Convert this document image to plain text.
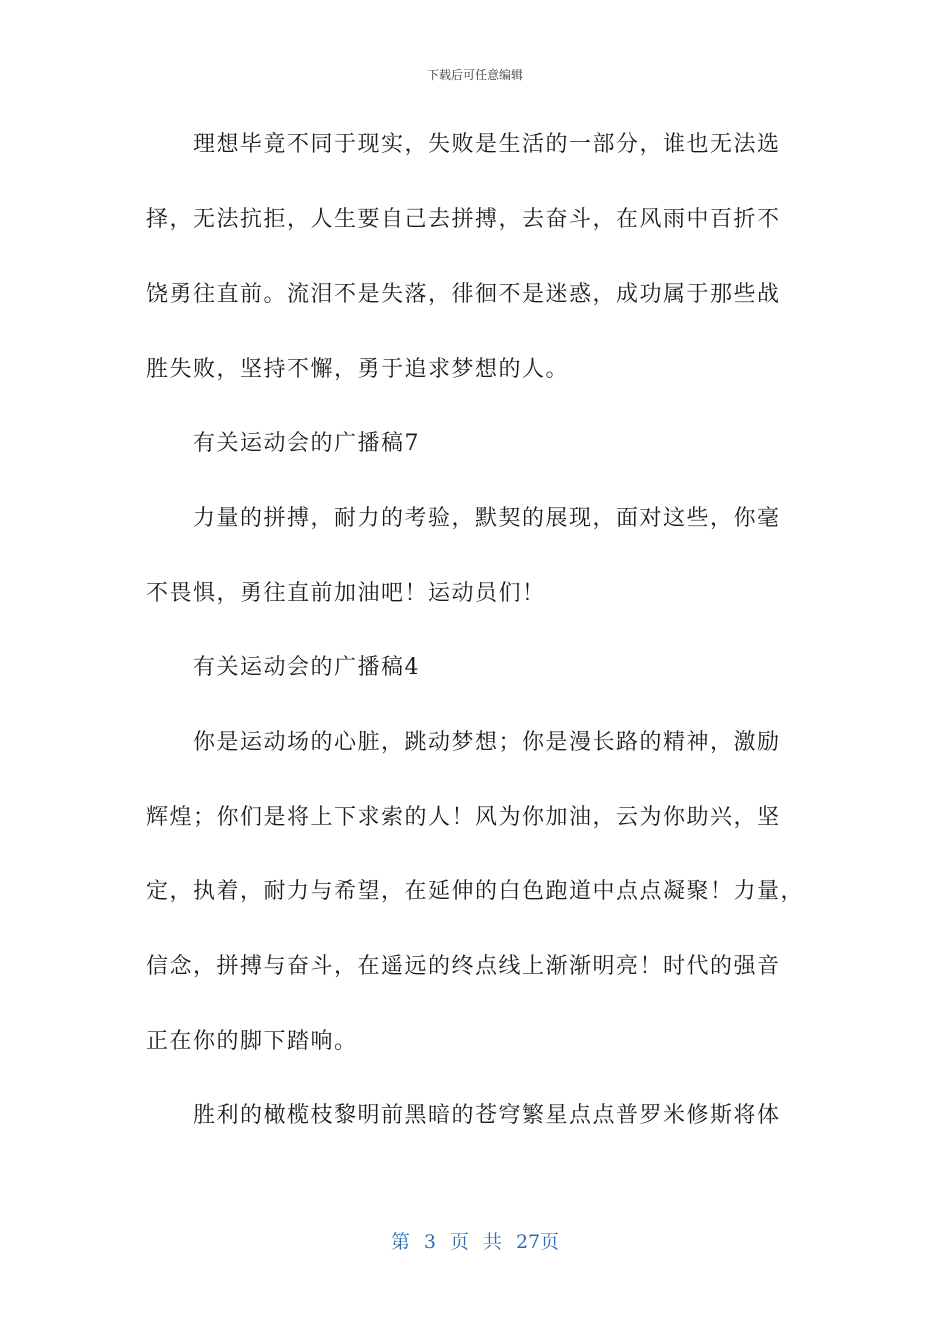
下载后可任意编辑
理想毕竟不同于现实，失败是生活的一部分，谁也无法选
择，无法抗拒，人生要自己去拼搏，去奋斗，在风雨中百折不
饶勇往直前。流泪不是失落，徘徊不是迷惑，成功属于那些战
胜失败，坚持不懈，勇于追求梦想的人。
有关运动会的广播稿7
力量的拼搏，耐力的考验，默契的展现，面对这些，你毫
不畏惧，勇往直前加油吧！运动员们！
有关运动会的广播稿4
你是运动场的心脏，跳动梦想；你是漫长路的精神，激励
辉煌；你们是将上下求索的人！风为你加油，云为你助兴，坚
定，执着，耐力与希望，在延伸的白色跑道中点点凝聚！力量，
信念，拼搏与奋斗，在遥远的终点线上渐渐明亮！时代的强音
正在你的脚下踏响。
胜利的橄榄枝黎明前黑暗的苍穹繁星点点普罗米修斯将体
第 3 页 共 27页
